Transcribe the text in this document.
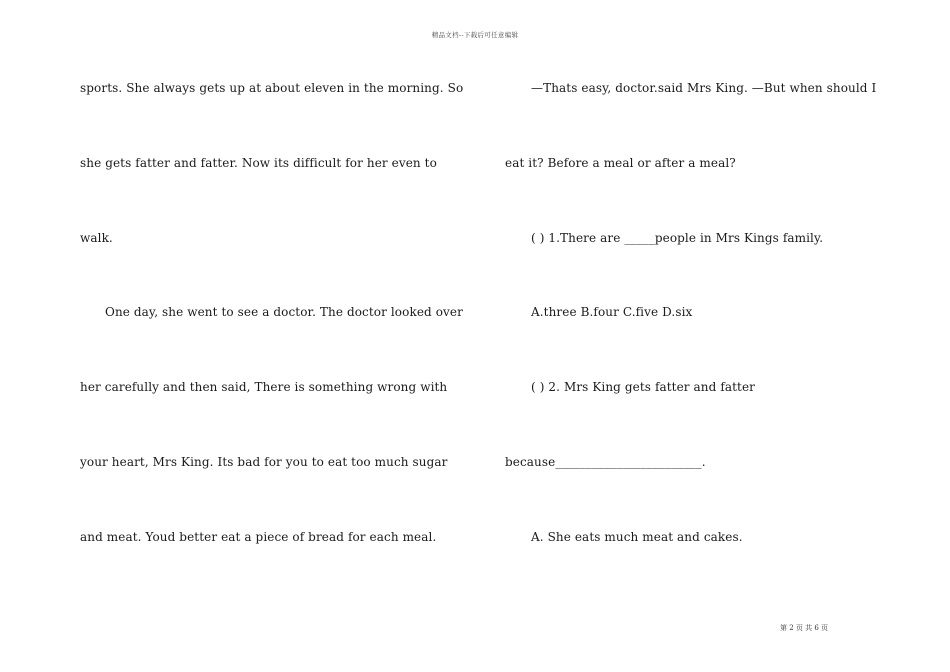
精品文档--下载后可任意编辑
sports. She always gets up at about eleven in the morning. So
she gets fatter and fatter. Now its difficult for her even to
walk.
One day, she went to see a doctor. The doctor looked over
her carefully and then said, There is something wrong with
your heart, Mrs King. Its bad for you to eat too much sugar
and meat. Youd better eat a piece of bread for each meal.
—Thats easy, doctor.said Mrs King. —But when should I
eat it? Before a meal or after a meal?
( ) 1.There are _____people in Mrs Kings family.
A.three B.four C.five D.six
( ) 2. Mrs King gets fatter and fatter
because________________________.
A. She eats much meat and cakes.
第 2 页 共 6 页
